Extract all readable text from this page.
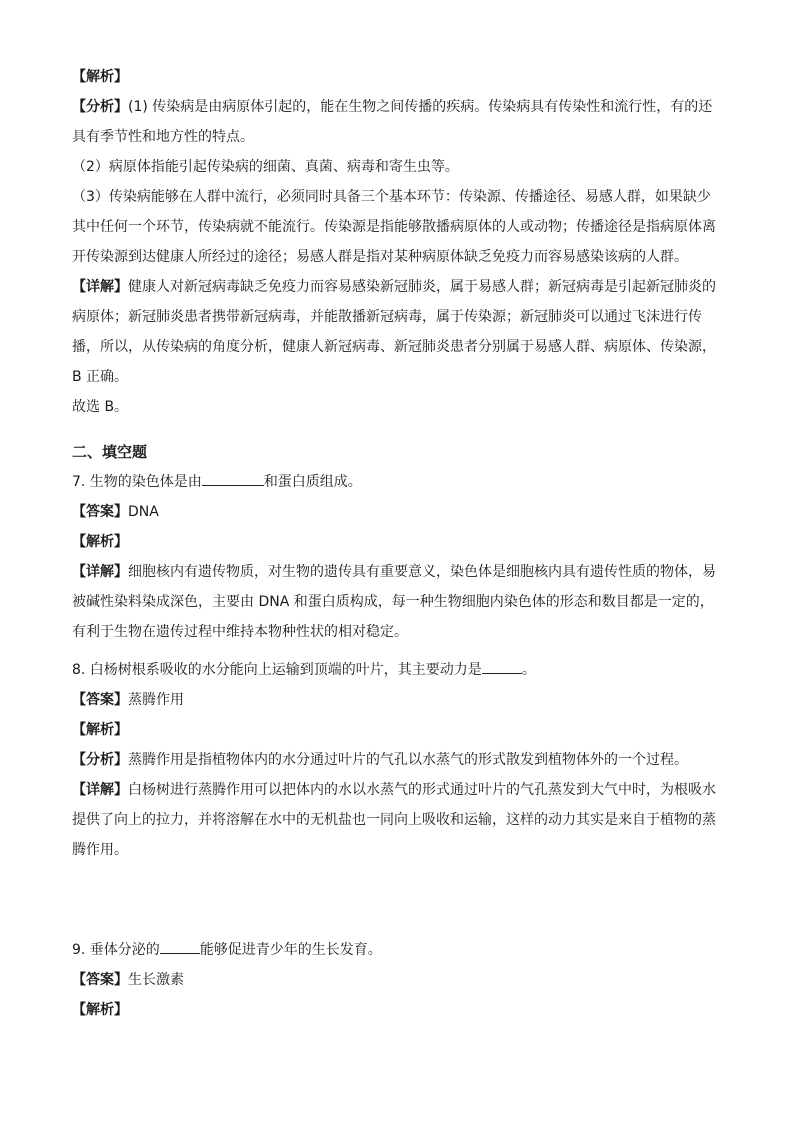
【解析】
【分析】(1) 传染病是由病原体引起的，能在生物之间传播的疾病。传染病具有传染性和流行性，有的还
具有季节性和地方性的特点。
（2）病原体指能引起传染病的细菌、真菌、病毒和寄生虫等。
（3）传染病能够在人群中流行，必须同时具备三个基本环节：传染源、传播途径、易感人群，如果缺少
其中任何一个环节，传染病就不能流行。传染源是指能够散播病原体的人或动物；传播途径是指病原体离
开传染源到达健康人所经过的途径；易感人群是指对某种病原体缺乏免疫力而容易感染该病的人群。
【详解】健康人对新冠病毒缺乏免疫力而容易感染新冠肺炎，属于易感人群；新冠病毒是引起新冠肺炎的
病原体；新冠肺炎患者携带新冠病毒，并能散播新冠病毒，属于传染源；新冠肺炎可以通过飞沫进行传
播，所以，从传染病的角度分析，健康人新冠病毒、新冠肺炎患者分别属于易感人群、病原体、传染源，
B 正确。
故选 B。
二、填空题
7. 生物的染色体是由	和蛋白质组成。
【答案】DNA
【解析】
【详解】细胞核内有遗传物质，对生物的遗传具有重要意义，染色体是细胞核内具有遗传性质的物体，易
被碱性染料染成深色，主要由 DNA 和蛋白质构成，每一种生物细胞内染色体的形态和数目都是一定的，
有利于生物在遗传过程中维持本物种性状的相对稳定。
8. 白杨树根系吸收的水分能向上运输到顶端的叶片，其主要动力是	。
【答案】蒸腾作用
【解析】
【分析】蒸腾作用是指植物体内的水分通过叶片的气孔以水蒸气的形式散发到植物体外的一个过程。
【详解】白杨树进行蒸腾作用可以把体内的水以水蒸气的形式通过叶片的气孔蒸发到大气中时，为根吸水
提供了向上的拉力，并将溶解在水中的无机盐也一同向上吸收和运输，这样的动力其实是来自于植物的蒸
腾作用。
9. 垂体分泌的	能够促进青少年的生长发育。
【答案】生长激素
【解析】
